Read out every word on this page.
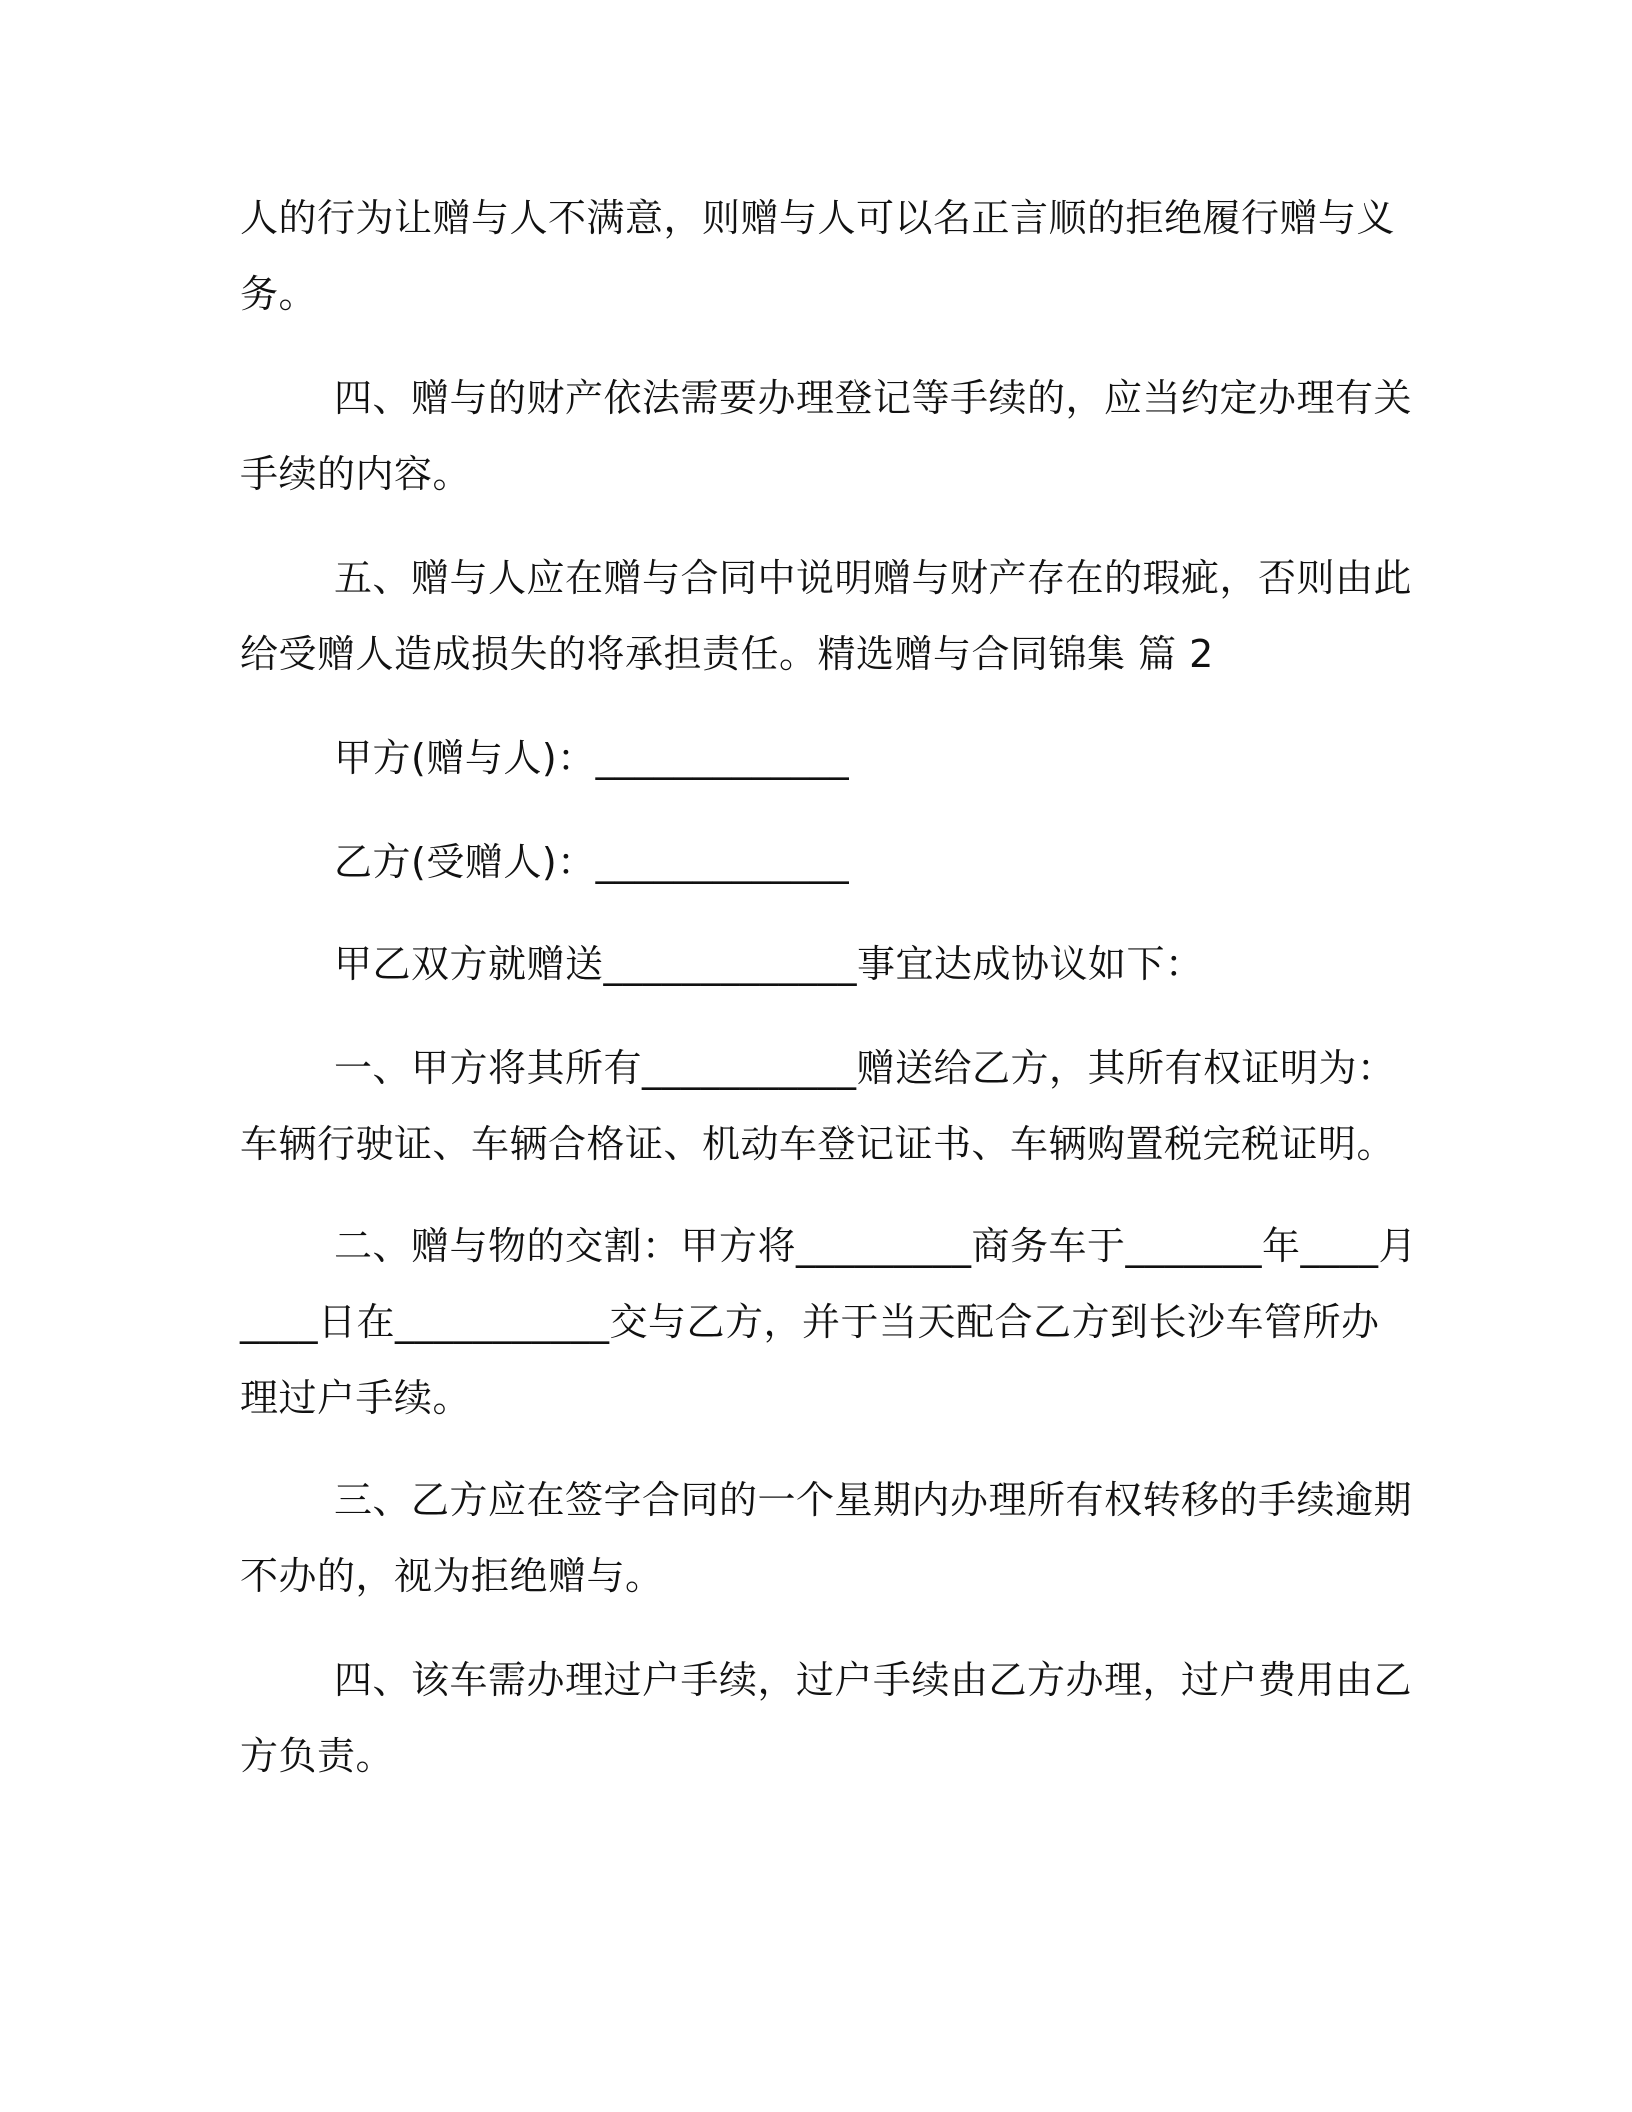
人的行为让赠与人不满意，则赠与人可以名正言顺的拒绝履行赠与义
务。
四、赠与的财产依法需要办理登记等手续的，应当约定办理有关
手续的内容。
五、赠与人应在赠与合同中说明赠与财产存在的瑕疵，否则由此
给受赠人造成损失的将承担责任。精选赠与合同锦集 篇 2
甲方(赠与人)：_____________
乙方(受赠人)：_____________
甲乙双方就赠送_____________事宜达成协议如下：
一、甲方将其所有___________赠送给乙方，其所有权证明为：
车辆行驶证、车辆合格证、机动车登记证书、车辆购置税完税证明。
二、赠与物的交割：甲方将_________商务车于_______年____月
____日在___________交与乙方，并于当天配合乙方到长沙车管所办
理过户手续。
三、乙方应在签字合同的一个星期内办理所有权转移的手续逾期
不办的，视为拒绝赠与。
四、该车需办理过户手续，过户手续由乙方办理，过户费用由乙
方负责。
